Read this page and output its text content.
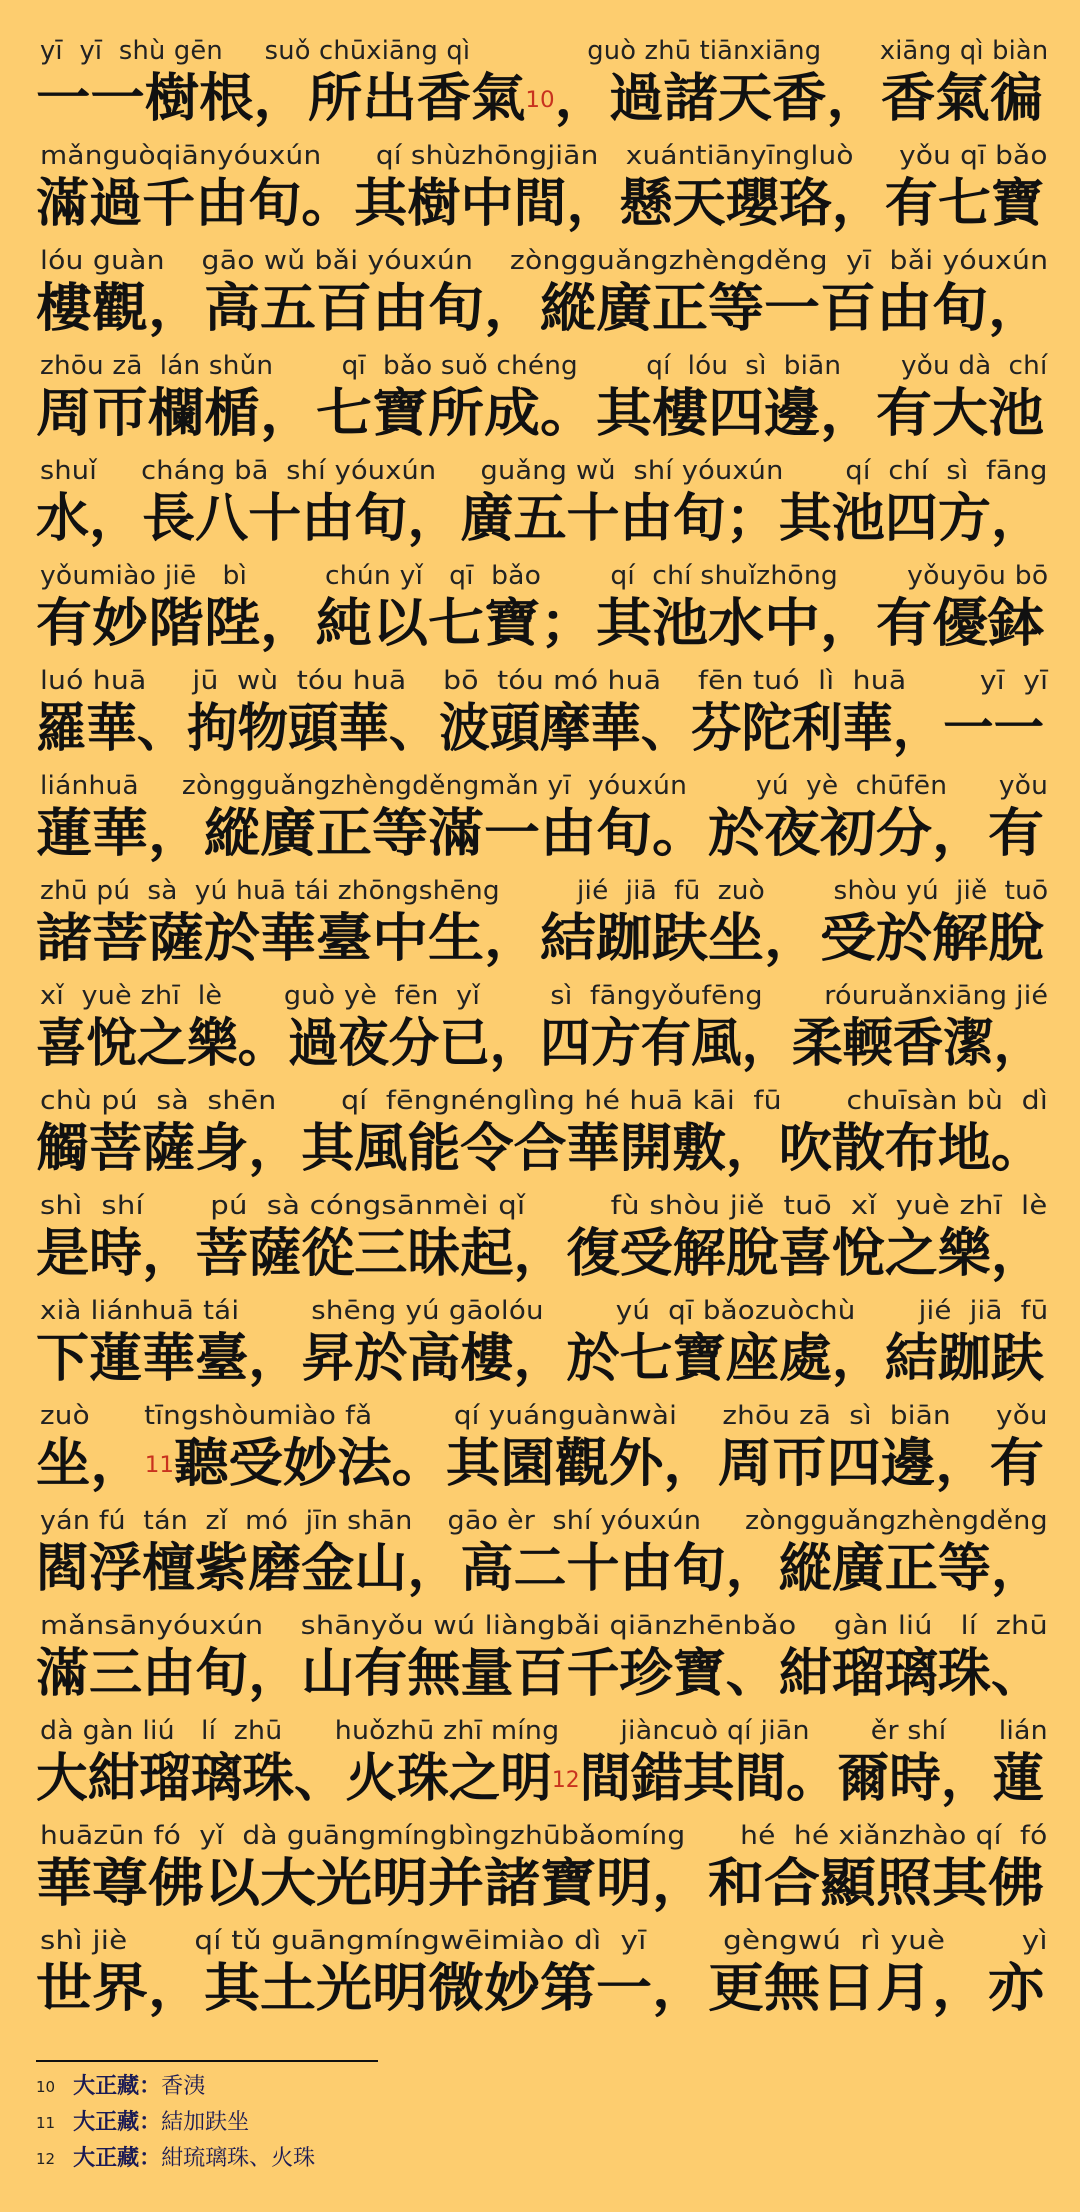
yī  yī  shù gēn     suǒ chūxiāng qì              guò zhū tiānxiāng       xiāng qì biàn
一一樹根，所出香氣$^{10}$，過諸天香，香氣徧
mǎnguòqiānyóuxún      qí shùzhōngjiān   xuántiānyīngluò     yǒu qī bǎo
滿過千由旬。其樹中間，懸天瓔珞，有七寶
lóu guàn    gāo wǔ bǎi yóuxún    zòngguǎngzhèngděng  yī  bǎi yóuxún
樓觀，高五百由旬，縱廣正等一百由旬，
zhōu zā  lán shǔn        qī  bǎo suǒ chéng        qí  lóu  sì  biān       yǒu dà  chí
周帀欄楯，七寶所成。其樓四邊，有大池
shuǐ     cháng bā  shí yóuxún     guǎng wǔ  shí yóuxún       qí  chí  sì  fāng
水，長八十由旬，廣五十由旬；其池四方，
yǒumiào jiē   bì         chún yǐ   qī  bǎo        qí  chí shuǐzhōng        yǒuyōu bō
有妙階陛，純以七寶；其池水中，有優鉢
luó huā     jū  wù  tóu huā    bō  tóu mó huā    fēn tuó  lì  huā        yī  yī
羅華、拘物頭華、波頭摩華、芬陀利華，一一
liánhuā     zòngguǎngzhèngděngmǎn yī  yóuxún        yú  yè  chūfēn      yǒu
蓮華，縱廣正等滿一由旬。於夜初分，有
zhū pú  sà  yú huā tái zhōngshēng         jié  jiā  fū  zuò        shòu yú  jiě  tuō
諸菩薩於華臺中生，結跏趺坐，受於解脫
xǐ  yuè zhī  lè       guò yè  fēn  yǐ        sì  fāngyǒufēng       róuruǎnxiāng jié
喜悅之樂。過夜分已，四方有風，柔輭香潔，
chù pú  sà  shēn       qí  fēngnénglìng hé huā kāi  fū       chuīsàn bù  dì
觸菩薩身，其風能令合華開敷，吹散布地。
shì  shí       pú  sà cóngsānmèi qǐ         fù shòu jiě  tuō  xǐ  yuè zhī  lè
是時，菩薩從三昧起，復受解脫喜悅之樂，
xià liánhuā tái        shēng yú gāolóu        yú  qī bǎozuòchù       jié  jiā  fū
下蓮華臺，昇於高樓，於七寶座處，結跏趺
zuò      tīngshòumiào fǎ         qí yuánguànwài     zhōu zā  sì  biān     yǒu
坐，$^{11}$聽受妙法。其園觀外，周帀四邊，有
yán fú  tán  zǐ  mó  jīn shān    gāo èr  shí yóuxún     zòngguǎngzhèngděng
閻浮檀紫磨金山，高二十由旬，縱廣正等，
mǎnsānyóuxún    shānyǒu wú liàngbǎi qiānzhēnbǎo    gàn liú   lí  zhū
滿三由旬，山有無量百千珍寶、紺瑠璃珠、
dà gàn liú   lí  zhū      huǒzhū zhī míng       jiàncuò qí jiān       ěr shí      lián
大紺瑠璃珠、火珠之明$^{12}$間錯其間。爾時，蓮
huāzūn fó  yǐ  dà guāngmíngbìngzhūbǎomíng      hé  hé xiǎnzhào qí  fó
華尊佛以大光明并諸寶明，和合顯照其佛
shì jiè       qí tǔ guāngmíngwēimiào dì  yī        gèngwú  rì yuè        yì
世界，其土光明微妙第一，更無日月，亦
$^{10}$ 大正藏：香洟
$^{11}$ 大正藏：結加趺坐
$^{12}$ 大正藏：紺琉璃珠、火珠
